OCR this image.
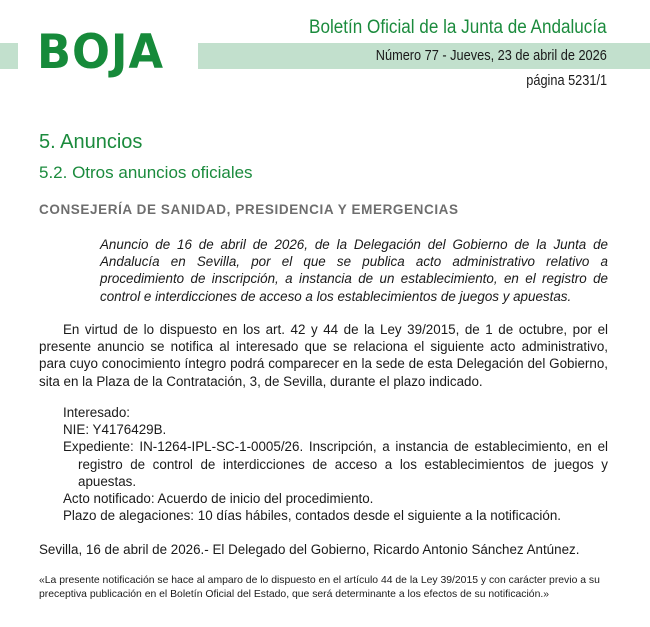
BOJA	Boletín Oficial de la Junta de Andalucía
Número 77 - Jueves, 23 de abril de 2026
página 5231/1
5. Anuncios
5.2. Otros anuncios oficiales
CONSEJERÍA DE SANIDAD, PRESIDENCIA Y EMERGENCIAS
Anuncio de 16 de abril de 2026, de la Delegación del Gobierno de la Junta de Andalucía en Sevilla, por el que se publica acto administrativo relativo a procedimiento de inscripción, a instancia de un establecimiento, en el registro de control e interdicciones de acceso a los establecimientos de juegos y apuestas.
En virtud de lo dispuesto en los art. 42 y 44 de la Ley 39/2015, de 1 de octubre, por el presente anuncio se notifica al interesado que se relaciona el siguiente acto administrativo, para cuyo conocimiento íntegro podrá comparecer en la sede de esta Delegación del Gobierno, sita en la Plaza de la Contratación, 3, de Sevilla, durante el plazo indicado.
Interesado:
NIE: Y4176429B.
Expediente: IN-1264-IPL-SC-1-0005/26. Inscripción, a instancia de establecimiento, en el registro de control de interdicciones de acceso a los establecimientos de juegos y apuestas.
Acto notificado: Acuerdo de inicio del procedimiento.
Plazo de alegaciones: 10 días hábiles, contados desde el siguiente a la notificación.
Sevilla, 16 de abril de 2026.- El Delegado del Gobierno, Ricardo Antonio Sánchez Antúnez.
«La presente notificación se hace al amparo de lo dispuesto en el artículo 44 de la Ley 39/2015 y con carácter previo a su preceptiva publicación en el Boletín Oficial del Estado, que será determinante a los efectos de su notificación.»
